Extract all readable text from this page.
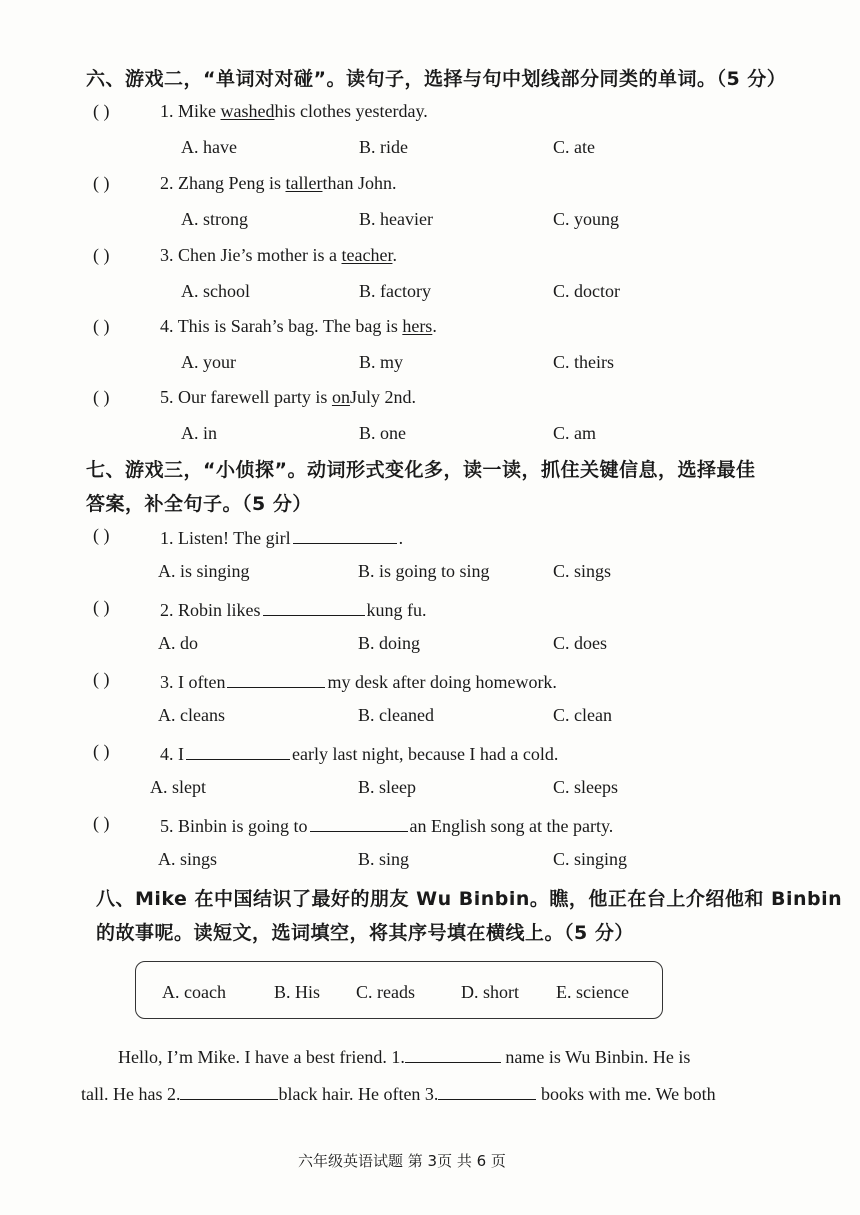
六、游戏二，“单词对对碰”。读句子，选择与句中划线部分同类的单词。（5 分）
( )	1. Mike washedhis clothes yesterday.
A. have	B. ride	C. ate
( )	2. Zhang Peng is tallerthan John.
A. strong	B. heavier	C. young
( )	3. Chen Jie’s mother is a teacher.
A. school	B. factory	C. doctor
( )	4. This is Sarah’s bag. The bag is hers.
A. your	B. my	C. theirs
( )	5. Our farewell party is onJuly 2nd.
A. in	B. one	C. am
七、游戏三，“小侦探”。动词形式变化多，读一读，抓住关键信息，选择最佳
答案，补全句子。（5 分）
( )	1. Listen! The girl	.
A. is singing	B. is going to sing	C. sings
( )	2. Robin likes	kung fu.
A. do	B. doing	C. does
( )	3. I often	my desk after doing homework.
A. cleans	B. cleaned	C. clean
( )	4. I	early last night, because I had a cold.
A. slept	B. sleep	C. sleeps
( )	5. Binbin is going to	an English song at the party.
A. sings	B. sing	C. singing
八、Mike 在中国结识了最好的朋友 Wu Binbin。瞧，他正在台上介绍他和 Binbin
的故事呢。读短文，选词填空，将其序号填在横线上。（5 分）
A. coach	B. His C. reads	D. short E. science
Hello, I’m Mike. I have a best friend. 1.	name is Wu Binbin. He is
tall. He has 2.	black hair. He often 3.	books with me. We both
六年级英语试题 第 3页 共 6 页
